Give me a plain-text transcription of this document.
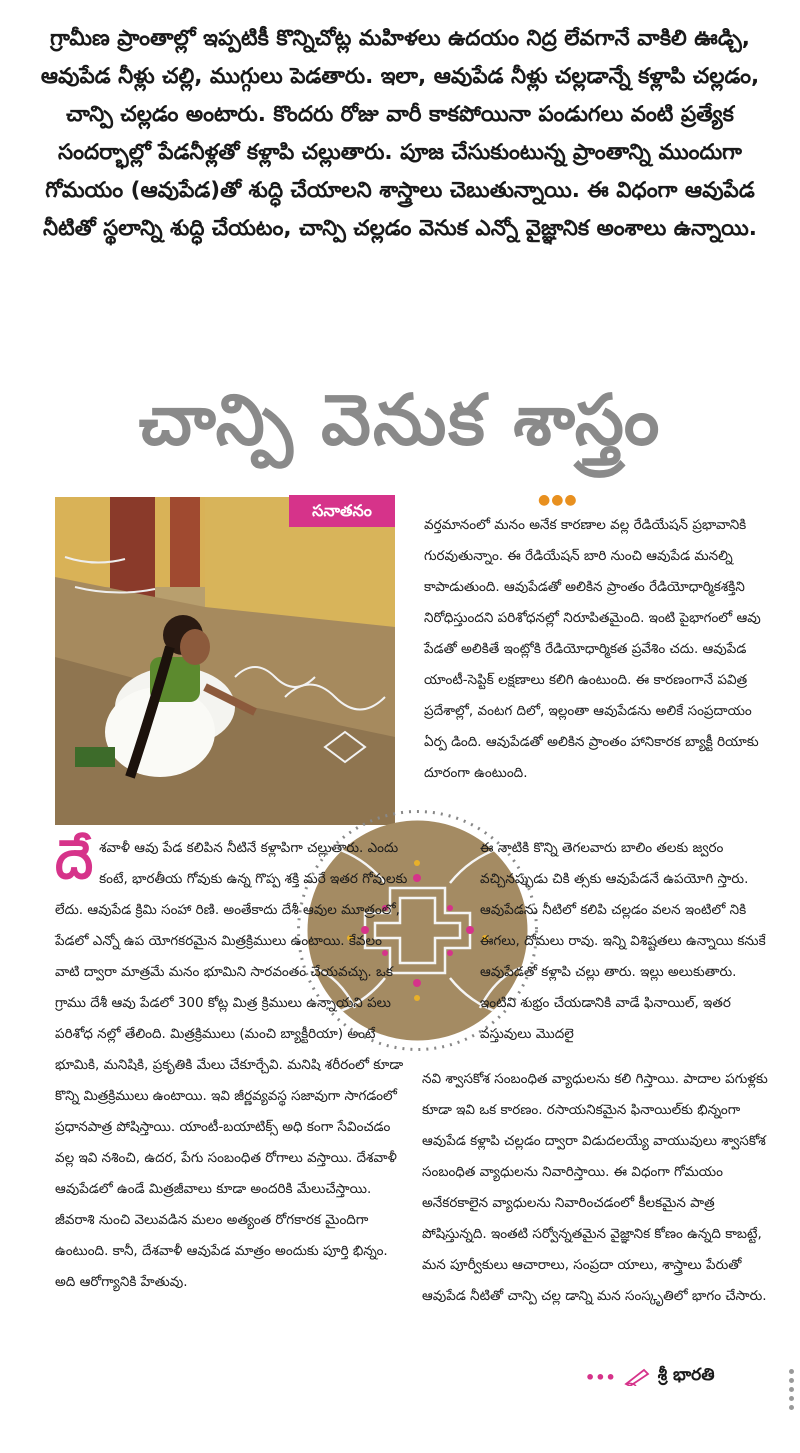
గ్రామీణ ప్రాంతాల్లో ఇప్పటికీ కొన్నిచోట్ల మహిళలు ఉదయం నిద్ర లేవగానే వాకిలి ఊడ్చి, ఆవుపేడ నీళ్లు చల్లి, ముగ్గులు పెడతారు. ఇలా, ఆవుపేడ నీళ్లు చల్లడాన్నే కళ్లాపి చల్లడం, చాన్పి చల్లడం అంటారు. కొందరు రోజు వారీ కాకపోయినా పండుగలు వంటి ప్రత్యేక సందర్భాల్లో పేడనీళ్లతో కళ్లాపి చల్లుతారు. పూజ చేసుకుంటున్న ప్రాంతాన్ని ముందుగా గోమయం (ఆవుపేడ)తో శుద్ధి చేయాలని శాస్త్రాలు చెబుతున్నాయి. ఈ విధంగా ఆవుపేడ నీటితో స్థలాన్ని శుద్ధి చేయటం, చాన్పి చల్లడం వెనుక ఎన్నో వైజ్ఞానిక అంశాలు ఉన్నాయి.
చాన్పి వెనుక శాస్త్రం
సనాతనం
●●●
వర్తమానంలో మనం అనేక కారణాల వల్ల రేడియేషన్ ప్రభావానికి గురవుతున్నాం. ఈ రేడియేషన్ బారి నుంచి ఆవుపేడ మనల్ని కాపాడుతుంది. ఆవుపేడతో అలికిన ప్రాంతం రేడియోధార్మికశక్తిని నిరోధిస్తుందని పరిశోధనల్లో నిరూపితమైంది. ఇంటి పైభాగంలో ఆవు పేడతో అలికితే ఇంట్లోకి రేడియోధార్మికత ప్రవేశిం చదు. ఆవుపేడ యాంటీ-సెప్టిక్ లక్షణాలు కలిగి ఉంటుంది. ఈ కారణంగానే పవిత్ర ప్రదేశాల్లో, వంటగ దిలో, ఇల్లంతా ఆవుపేడను అలికే సంప్రదాయం ఏర్ప డింది. ఆవుపేడతో అలికిన ప్రాంతం హానికారక బ్యాక్టీ రియాకు దూరంగా ఉంటుంది.
దే శవాళీ ఆవు పేడ కలిపిన నీటినే కళ్లాపిగా చల్లుతారు. ఎందు కంటే, భారతీయ గోవుకు ఉన్న గొప్ప శక్తి మరే ఇతర గోవులకు లేదు. ఆవుపేడ క్రిమి సంహా రిణి. అంతేకాదు దేశీ ఆవుల మూత్రంలో, పేడలో ఎన్నో ఉప యోగకరమైన మిత్రక్రిములు ఉంటాయి. కేవలం వాటి ద్వారా మాత్రమే మనం భూమిని సారవంతం చేయవచ్చు. ఒక గ్రాము దేశీ ఆవు పేడలో 300 కోట్ల మిత్ర క్రిములు ఉన్నాయని పలు పరిశోధ నల్లో తేలింది. మిత్రక్రిములు (మంచి బ్యాక్టీరియా) అంటే భూమికి, మనిషికి, ప్రకృతికి మేలు చేకూర్చేవి. మనిషి శరీరంలో కూడా కొన్ని మిత్రక్రిములు ఉంటాయి. ఇవి జీర్ణవ్యవస్థ సజావుగా సాగడంలో ప్రధానపాత్ర పోషిస్తాయి. యాంటీ-బయాటిక్స్ అధి కంగా సేవించడం వల్ల ఇవి నశించి, ఉదర, పేగు సంబంధిత రోగాలు వస్తాయి. దేశవాళీ ఆవుపేడలో ఉండే మిత్రజీవాలు కూడా అందరికి మేలుచేస్తాయి. జీవరాశి నుంచి వెలువడిన మలం అత్యంత రోగకారక మైందిగా ఉంటుంది. కానీ, దేశవాళీ ఆవుపేడ మాత్రం అందుకు పూర్తి భిన్నం. అది ఆరోగ్యానికి హేతువు.
ఈ నాటికి కొన్ని తెగలవారు బాలిం తలకు జ్వరం వచ్చినప్పుడు చికి త్సకు ఆవుపేడనే ఉపయోగి స్తారు. ఆవుపేడను నీటిలో కలిపి చల్లడం వలన ఇంటిలో నికి ఈగలు, దోమలు రావు. ఇన్ని విశిష్టతలు ఉన్నాయి కనుకే ఆవుపేడతో కళ్లాపి చల్లు తారు. ఇల్లు అలుకుతారు. ఇంటిని శుభ్రం చేయడానికి వాడే ఫినాయిల్, ఇతర వస్తువులు మొదలై
నవి శ్వాసకోశ సంబంధిత వ్యాధులను కలి గిస్తాయి. పాదాల పగుళ్లకు కూడా ఇవి ఒక కారణం. రసాయనికమైన ఫినాయిల్‌కు భిన్నంగా ఆవుపేడ కళ్లాపి చల్లడం ద్వారా విడుదలయ్యే వాయువులు శ్వాసకోశ సంబంధిత వ్యాధులను నివారిస్తాయి. ఈ విధంగా గోమయం అనేకరకాలైన వ్యాధులను నివారించడంలో కీలకమైన పాత్ర పోషిస్తున్నది. ఇంతటి సర్వోన్నతమైన వైజ్ఞానిక కోణం ఉన్నది కాబట్టే, మన పూర్వీకులు ఆచారాలు, సంప్రదా యాలు, శాస్త్రాలు పేరుతో ఆవుపేడ నీటితో చాన్పి చల్ల డాన్ని మన సంస్కృతిలో భాగం చేసారు.
••• శ్రీ భారతి
